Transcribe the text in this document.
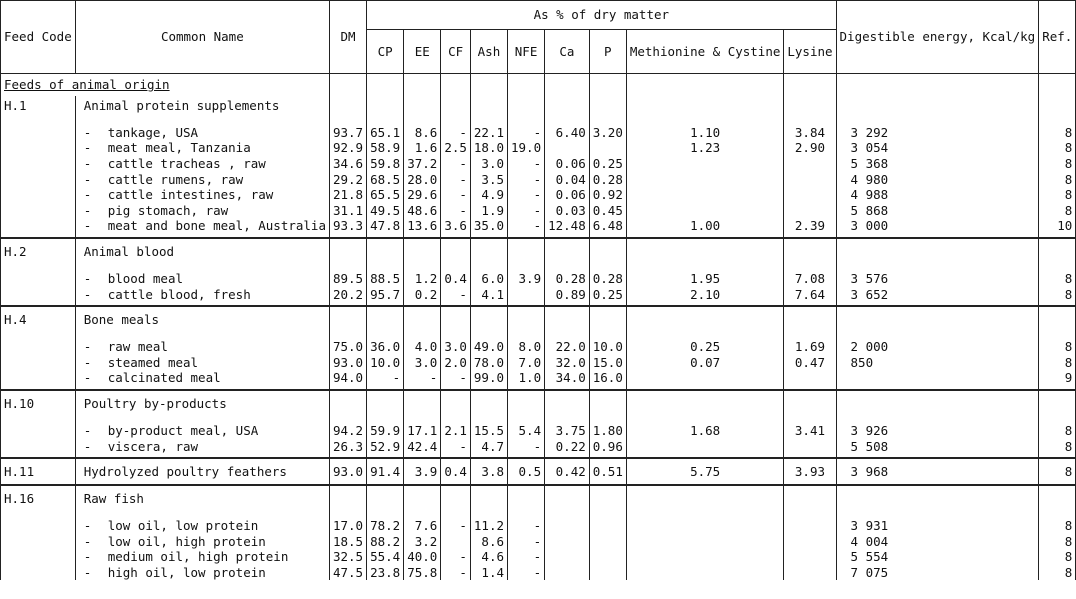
Feed Code	Common Name	DM	As % of dry matter									Digestible energy, Kcal/kg	Ref.
			CP	EE	CF	Ash	NFE	Ca	P	Methionine & Cystine	Lysine		
Feeds of animal origin													
H.1	Animal protein supplements												

	- tankage, USA	93.7	65.1	8.6	-	22.1	-	6.40	3.20	1.10	3.84	3 292	8
	- meat meal, Tanzania	92.9	58.9	1.6	2.5	18.0	19.0			1.23	2.90	3 054	8
	- cattle tracheas , raw	34.6	59.8	37.2	-	3.0	-	0.06	0.25			5 368	8
	- cattle rumens, raw	29.2	68.5	28.0	-	3.5	-	0.04	0.28			4 980	8
	- cattle intestines, raw	21.8	65.5	29.6	-	4.9	-	0.06	0.92			4 988	8
	- pig stomach, raw	31.1	49.5	48.6	-	1.9	-	0.03	0.45			5 868	8
	- meat and bone meal, Australia	93.3	47.8	13.6	3.6	35.0	-	12.48	6.48	1.00	2.39	3 000	10

H.2	Animal blood												

	- blood meal	89.5	88.5	1.2	0.4	6.0	3.9	0.28	0.28	1.95	7.08	3 576	8
	- cattle blood, fresh	20.2	95.7	0.2	-	4.1		0.89	0.25	2.10	7.64	3 652	8

H.4	Bone meals												

	- raw meal	75.0	36.0	4.0	3.0	49.0	8.0	22.0	10.0	0.25	1.69	2 000	8
	- steamed meal	93.0	10.0	3.0	2.0	78.0	7.0	32.0	15.0	0.07	0.47	850	8
	- calcinated meal	94.0	-	-	-	99.0	1.0	34.0	16.0				9

H.10	Poultry by-products												

	- by-product meal, USA	94.2	59.9	17.1	2.1	15.5	5.4	3.75	1.80	1.68	3.41	3 926	8
	- viscera, raw	26.3	52.9	42.4	-	4.7	-	0.22	0.96			5 508	8

H.11	Hydrolyzed poultry feathers	93.0	91.4	3.9	0.4	3.8	0.5	0.42	0.51	5.75	3.93	3 968	8
H.16	Raw fish												

	- low oil, low protein	17.0	78.2	7.6	-	11.2	-					3 931	8
	- low oil, high protein	18.5	88.2	3.2		8.6	-					4 004	8
	- medium oil, high protein	32.5	55.4	40.0	-	4.6	-					5 554	8
	- high oil, low protein	47.5	23.8	75.8	-	1.4	-					7 075	8
